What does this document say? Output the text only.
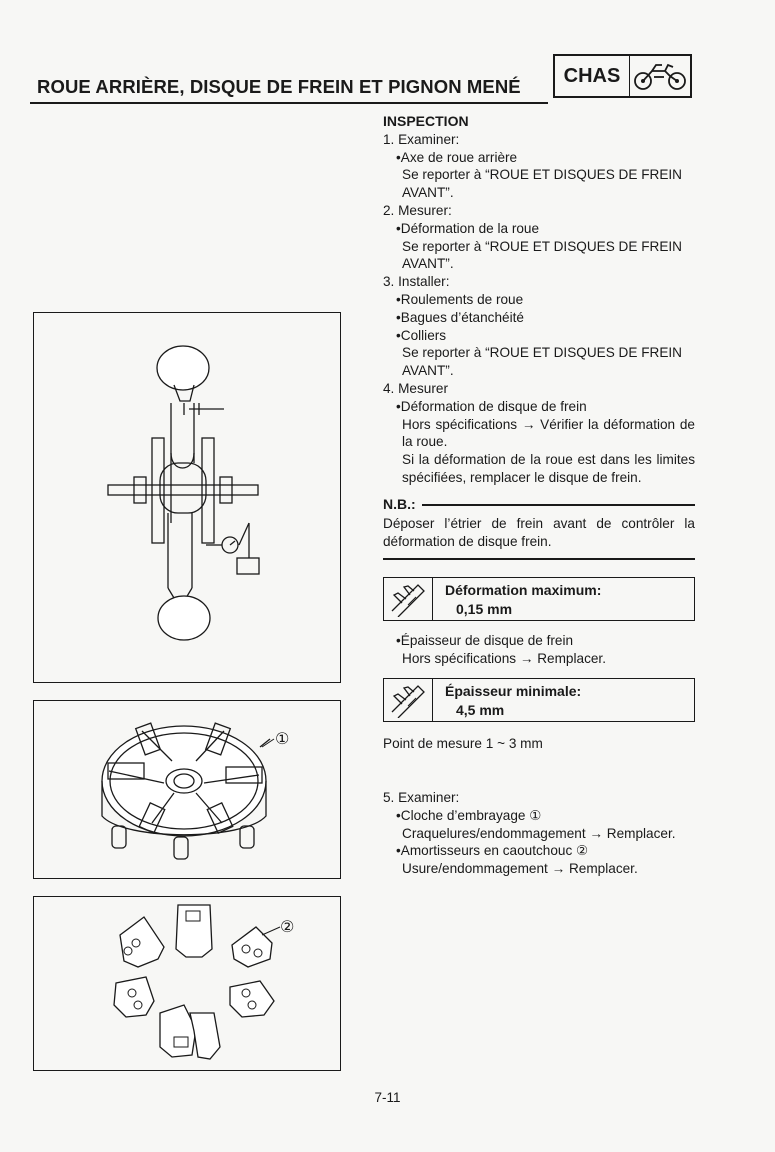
ROUE ARRIÈRE, DISQUE DE FREIN ET PIGNON MENÉ	CHAS
INSPECTION
1. Examiner:
•Axe de roue arrière
Se reporter à “ROUE ET DISQUES DE FREIN
AVANT”.
2. Mesurer:
•Déformation de la roue
Se reporter à “ROUE ET DISQUES DE FREIN
AVANT”.
3. Installer:
•Roulements de roue
•Bagues d’étanchéité
•Colliers
Se reporter à “ROUE ET DISQUES DE FREIN
AVANT”.
4. Mesurer
•Déformation de disque de frein
Hors spécifications → Vérifier la déformation de la roue.
Si la déformation de la roue est dans les limites spécifiées, remplacer le disque de frein.
N.B.:
Déposer l’étrier de frein avant de contrôler la déformation de disque frein.
Déformation maximum:
0,15 mm
•Épaisseur de disque de frein
Hors spécifications → Remplacer.
Épaisseur minimale:
4,5 mm
Point de mesure 1 ~ 3 mm
5. Examiner:
•Cloche d’embrayage ①
Craquelures/endommagement → Remplacer.
•Amortisseurs en caoutchouc ②
Usure/endommagement → Remplacer.
①
②
7-11
